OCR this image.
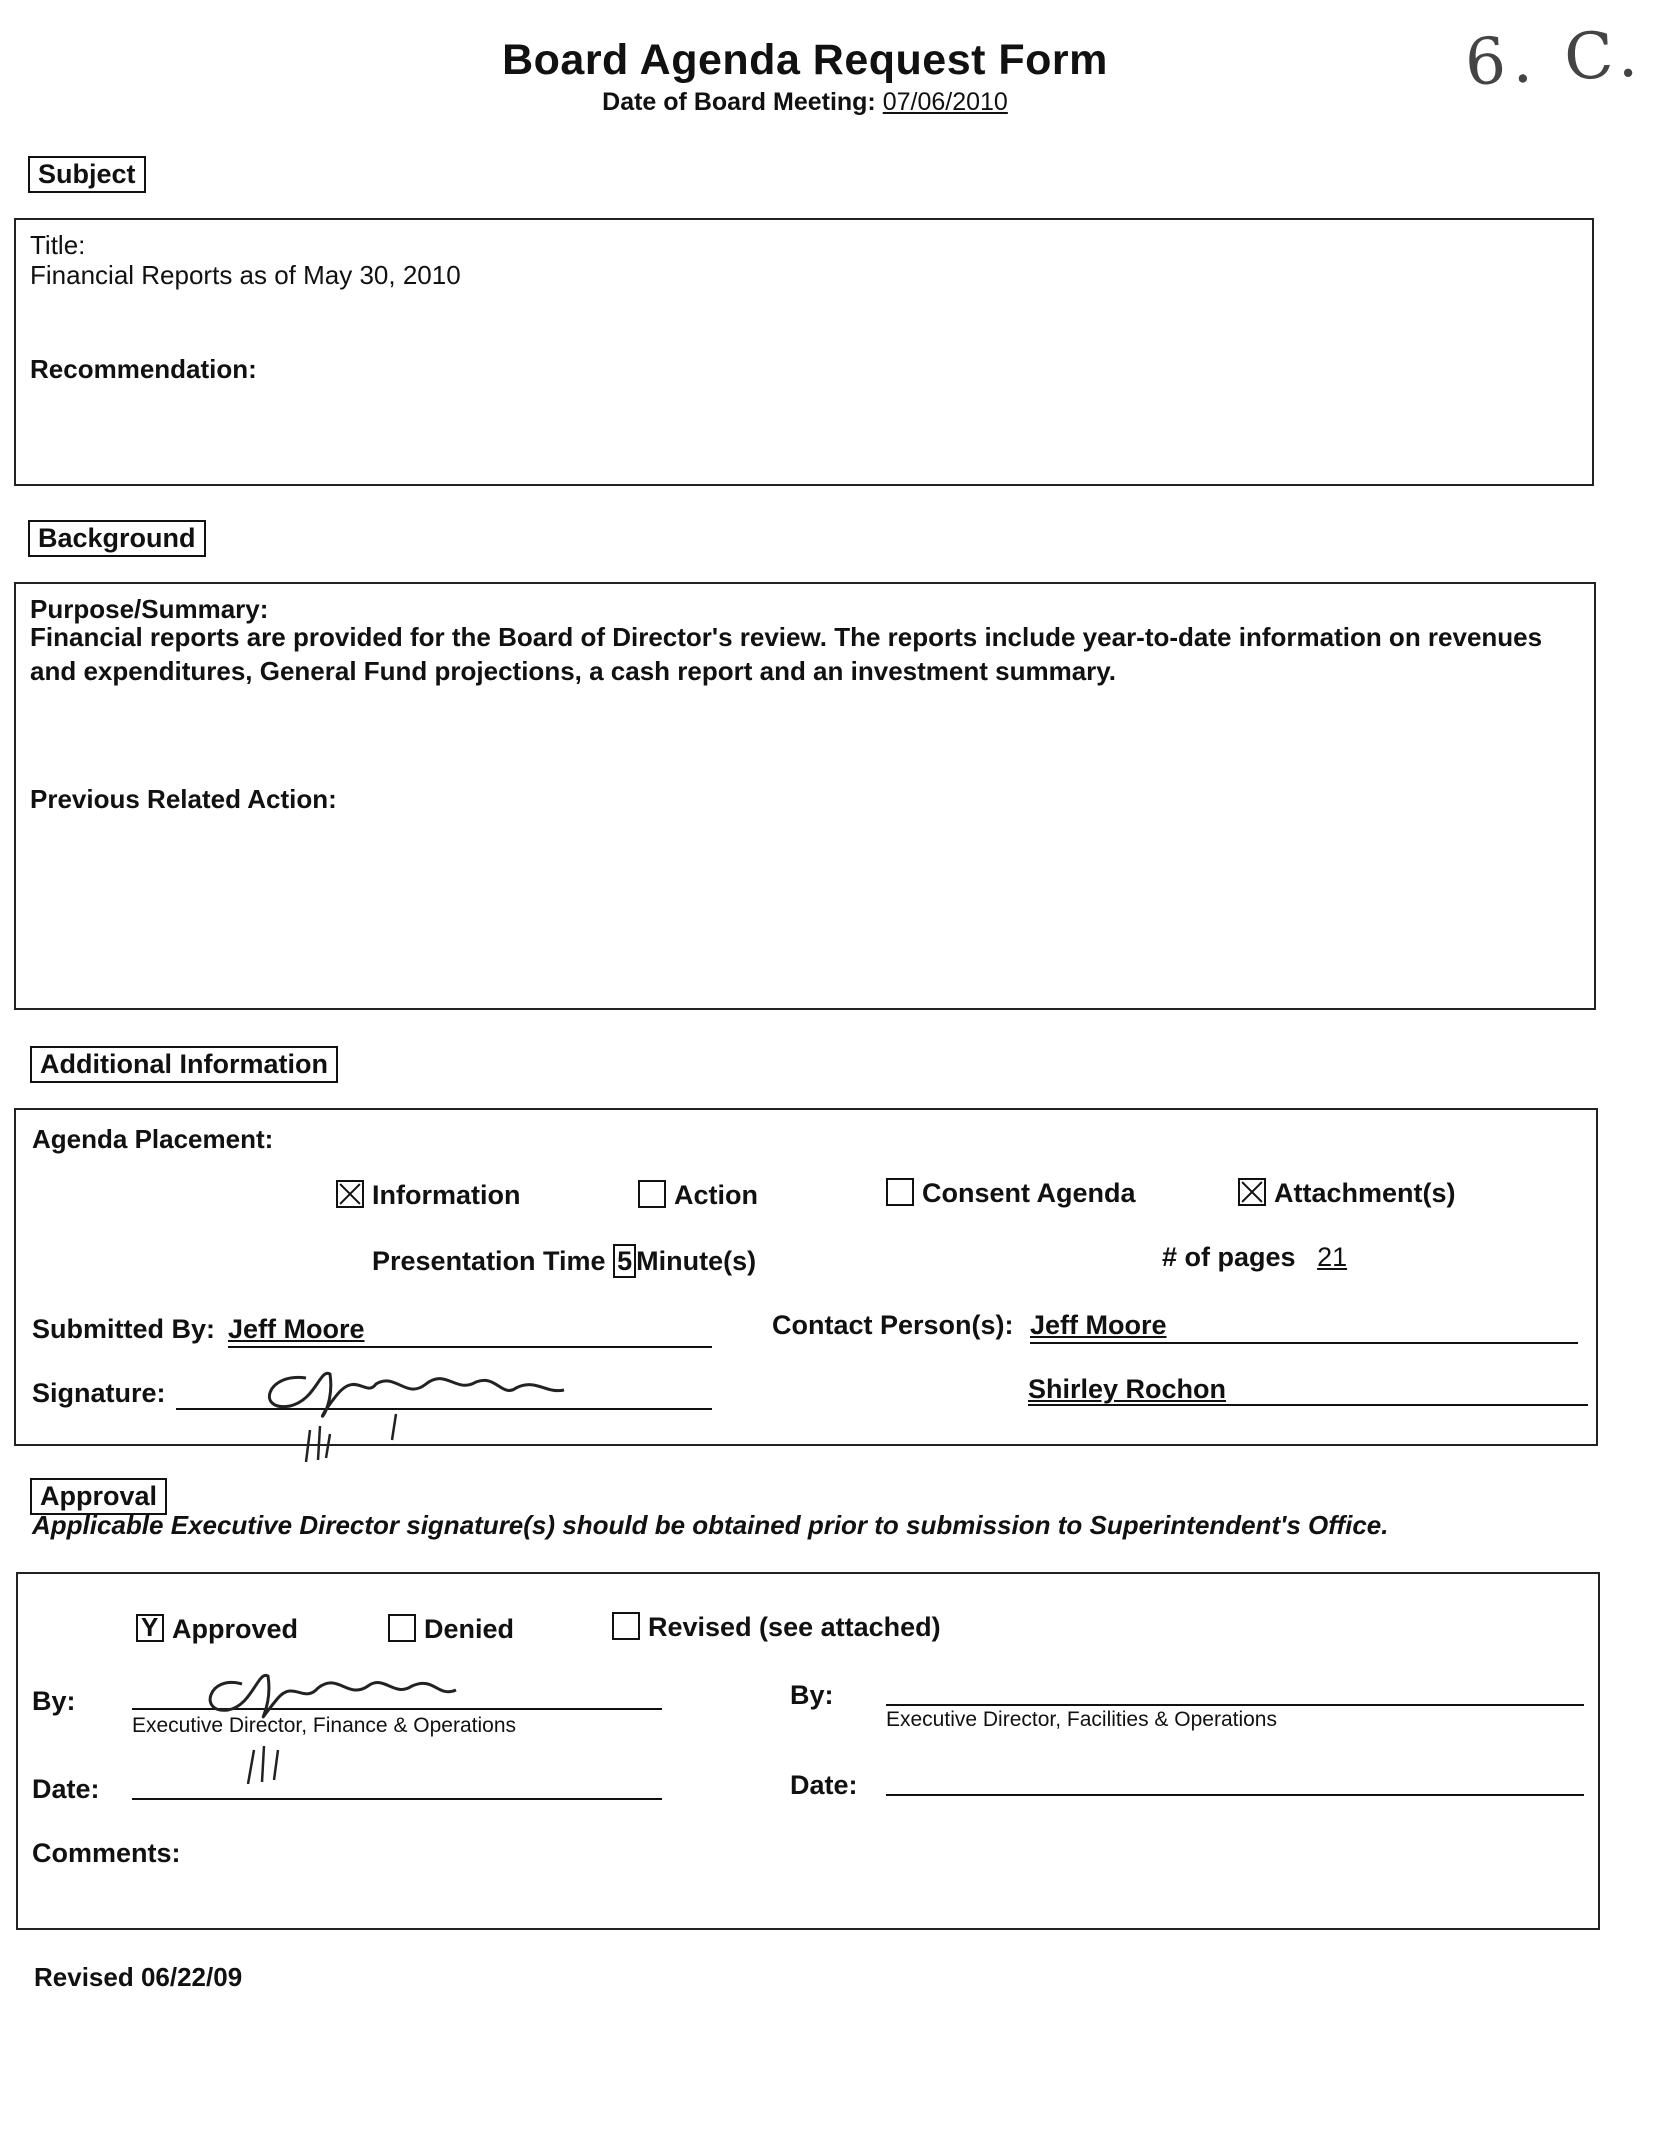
Board Agenda Request Form
Date of Board Meeting: 07/06/2010
6. C.
Subject
Title:
Financial Reports as of May 30, 2010
Recommendation:
Background
Purpose/Summary:
Financial reports are provided for the Board of Director's review. The reports include year-to-date information on revenues and expenditures, General Fund projections, a cash report and an investment summary.
Previous Related Action:
Additional Information
Agenda Placement:
Information	Action	Consent Agenda	Attachment(s)
Presentation Time 5 Minute(s)	# of pages 21
Submitted By: Jeff Moore	Contact Person(s): Jeff Moore
Shirley Rochon
Signature:
Approval
Applicable Executive Director signature(s) should be obtained prior to submission to Superintendent's Office.
Y Approved	Denied	Revised (see attached)
By:
Executive Director, Finance & Operations
By:
Executive Director, Facilities & Operations
Date:	Date:
Comments:
Revised 06/22/09
